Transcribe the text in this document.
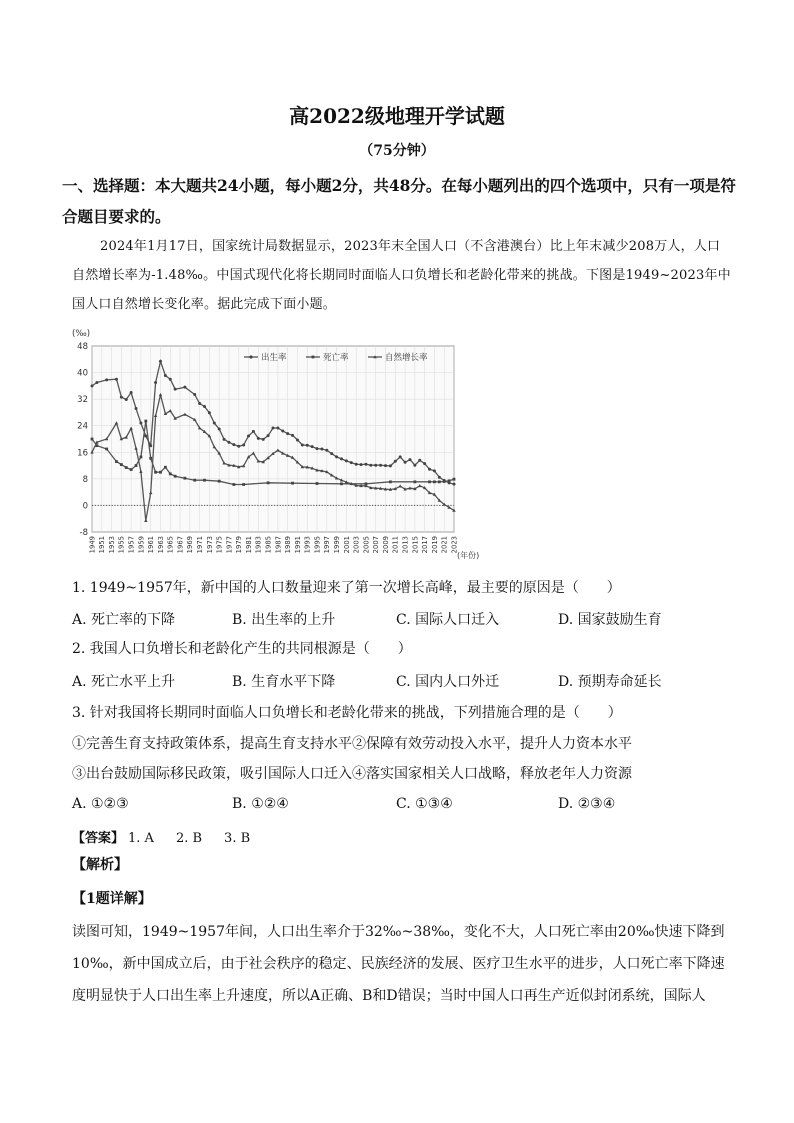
高2022级地理开学试题
（75分钟）
一、选择题：本大题共24小题，每小题2分，共48分。在每小题列出的四个选项中，只有一项是符合题目要求的。
2024年1月17日，国家统计局数据显示，2023年末全国人口（不含港澳台）比上年末减少208万人，人口自然增长率为-1.48‰。中国式现代化将长期同时面临人口负增长和老龄化带来的挑战。下图是1949~2023年中国人口自然增长变化率。据此完成下面小题。
-8
0
8
16
24
32
40
48
(‰)
1949 1951 1953 1955 1957 1959 1961 1963 1965 1967 1969 1971 1973 1975 1977 1979 1981 1983 1985 1987 1989 1991 1993 1995 1997 1999 2001 2003 2005 2007 2009 2011 2013 2015 2017 2019 2021 2023
(年份)
出生率	死亡率	自然增长率
1. 1949~1957年，新中国的人口数量迎来了第一次增长高峰，最主要的原因是（　　）
A. 死亡率的下降	B. 出生率的上升	C. 国际人口迁入	D. 国家鼓励生育
2. 我国人口负增长和老龄化产生的共同根源是（　　）
A. 死亡水平上升	B. 生育水平下降	C. 国内人口外迁	D. 预期寿命延长
3. 针对我国将长期同时面临人口负增长和老龄化带来的挑战，下列措施合理的是（　　）
①完善生育支持政策体系，提高生育支持水平②保障有效劳动投入水平，提升人力资本水平
③出台鼓励国际移民政策，吸引国际人口迁入④落实国家相关人口战略，释放老年人力资源
A. ①②③	B. ①②④	C. ①③④	D. ②③④
【答案】 1. A 2. B 3. B
【解析】
【1题详解】
读图可知，1949~1957年间，人口出生率介于32‰~38‰，变化不大，人口死亡率由20‰快速下降到10‰，新中国成立后，由于社会秩序的稳定、民族经济的发展、医疗卫生水平的进步，人口死亡率下降速度明显快于人口出生率上升速度，所以A正确、B和D错误；当时中国人口再生产近似封闭系统，国际人
